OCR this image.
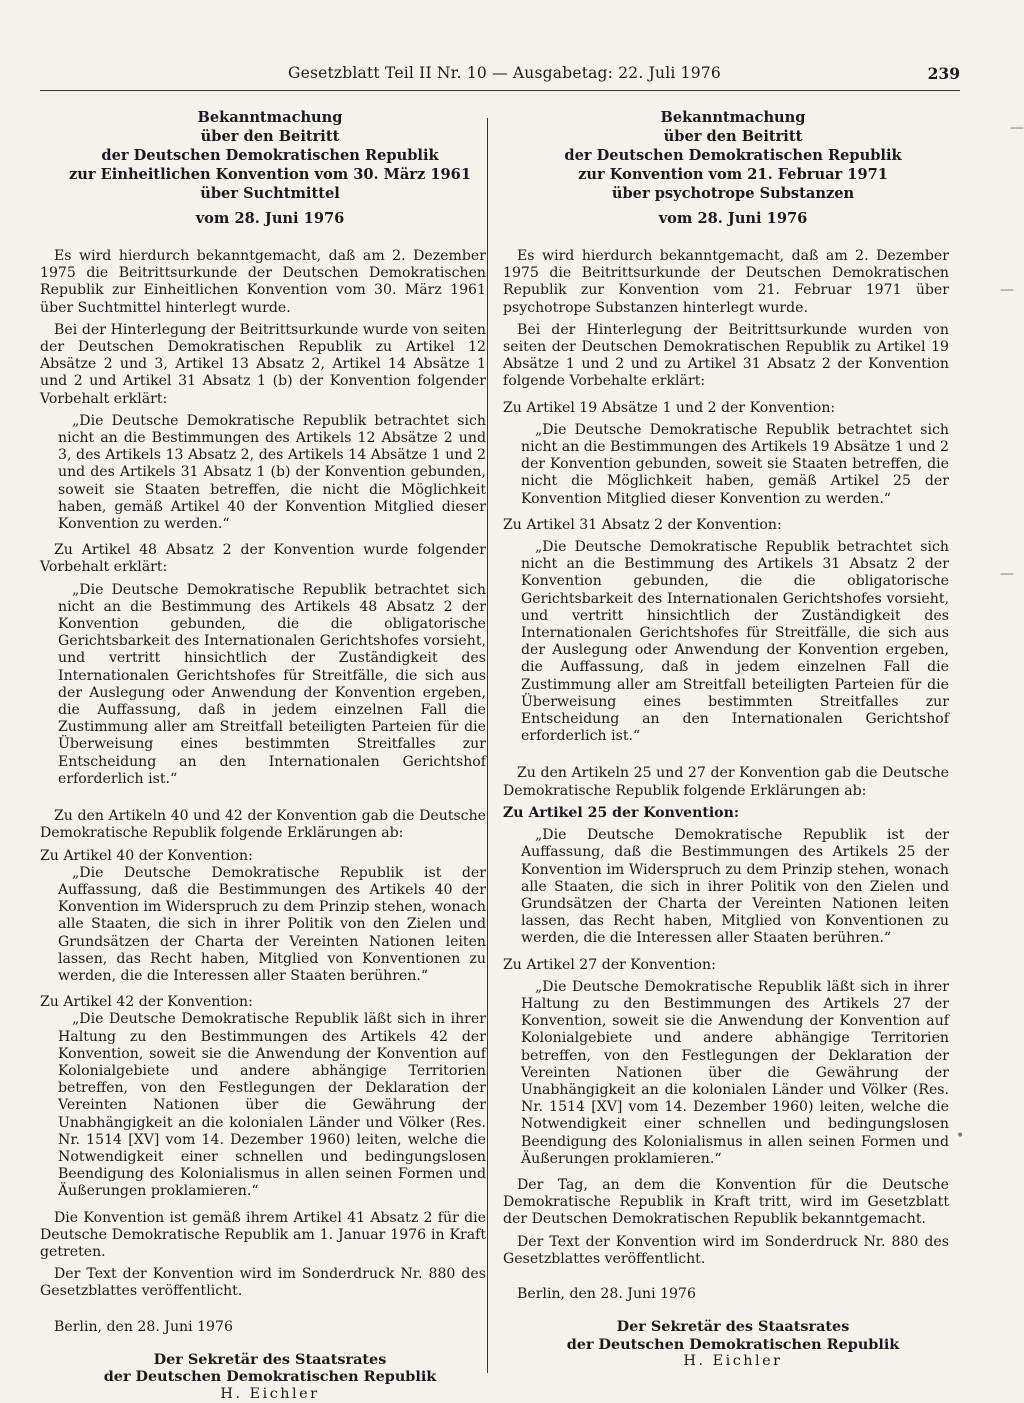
Gesetzblatt Teil II Nr. 10 — Ausgabetag: 22. Juli 1976	239

Bekanntmachung

über den Beitritt

der Deutschen Demokratischen Republik

zur Einheitlichen Konvention vom 30. März 1961

über Suchtmittel

vom 28. Juni 1976

Es wird hierdurch bekanntgemacht, daß am 2. Dezember 1975 die Beitrittsurkunde der Deutschen Demokratischen Republik zur Einheitlichen Konvention vom 30. März 1961 über Suchtmittel hinterlegt wurde.

Bei der Hinterlegung der Beitrittsurkunde wurde von seiten der Deutschen Demokratischen Republik zu Artikel 12 Absätze 2 und 3, Artikel 13 Absatz 2, Artikel 14 Absätze 1 und 2 und Artikel 31 Absatz 1 (b) der Konvention folgender Vorbehalt erklärt:

„Die Deutsche Demokratische Republik betrachtet sich nicht an die Bestimmungen des Artikels 12 Absätze 2 und 3, des Artikels 13 Absatz 2, des Artikels 14 Absätze 1 und 2 und des Artikels 31 Absatz 1 (b) der Konvention gebunden, soweit sie Staaten betreffen, die nicht die Möglichkeit haben, gemäß Artikel 40 der Konvention Mitglied dieser Konvention zu werden.“

Zu Artikel 48 Absatz 2 der Konvention wurde folgender Vorbehalt erklärt:

„Die Deutsche Demokratische Republik betrachtet sich nicht an die Bestimmung des Artikels 48 Absatz 2 der Konvention gebunden, die die obligatorische Gerichtsbarkeit des Internationalen Gerichtshofes vorsieht, und vertritt hinsichtlich der Zuständigkeit des Internationalen Gerichtshofes für Streitfälle, die sich aus der Auslegung oder Anwendung der Konvention ergeben, die Auffassung, daß in jedem einzelnen Fall die Zustimmung aller am Streitfall beteiligten Parteien für die Überweisung eines bestimmten Streitfalles zur Entscheidung an den Internationalen Gerichtshof erforderlich ist.“

Zu den Artikeln 40 und 42 der Konvention gab die Deutsche Demokratische Republik folgende Erklärungen ab:

Zu Artikel 40 der Konvention:

„Die Deutsche Demokratische Republik ist der Auffassung, daß die Bestimmungen des Artikels 40 der Konvention im Widerspruch zu dem Prinzip stehen, wonach alle Staaten, die sich in ihrer Politik von den Zielen und Grundsätzen der Charta der Vereinten Nationen leiten lassen, das Recht haben, Mitglied von Konventionen zu werden, die die Interessen aller Staaten berühren.“

Zu Artikel 42 der Konvention:

„Die Deutsche Demokratische Republik läßt sich in ihrer Haltung zu den Bestimmungen des Artikels 42 der Konvention, soweit sie die Anwendung der Konvention auf Kolonialgebiete und andere abhängige Territorien betreffen, von den Festlegungen der Deklaration der Vereinten Nationen über die Gewährung der Unabhängigkeit an die kolonialen Länder und Völker (Res. Nr. 1514 [XV] vom 14. Dezember 1960) leiten, welche die Notwendigkeit einer schnellen und bedingungslosen Beendigung des Kolonialismus in allen seinen Formen und Äußerungen proklamieren.“

Die Konvention ist gemäß ihrem Artikel 41 Absatz 2 für die Deutsche Demokratische Republik am 1. Januar 1976 in Kraft getreten.

Der Text der Konvention wird im Sonderdruck Nr. 880 des Gesetzblattes veröffentlicht.

Berlin, den 28. Juni 1976

Der Sekretär des Staatsrates

der Deutschen Demokratischen Republik

H. Eichler

Bekanntmachung

über den Beitritt

der Deutschen Demokratischen Republik

zur Konvention vom 21. Februar 1971

über psychotrope Substanzen

vom 28. Juni 1976

Es wird hierdurch bekanntgemacht, daß am 2. Dezember 1975 die Beitrittsurkunde der Deutschen Demokratischen Republik zur Konvention vom 21. Februar 1971 über psychotrope Substanzen hinterlegt wurde.

Bei der Hinterlegung der Beitrittsurkunde wurden von seiten der Deutschen Demokratischen Republik zu Artikel 19 Absätze 1 und 2 und zu Artikel 31 Absatz 2 der Konvention folgende Vorbehalte erklärt:

Zu Artikel 19 Absätze 1 und 2 der Konvention:

„Die Deutsche Demokratische Republik betrachtet sich nicht an die Bestimmungen des Artikels 19 Absätze 1 und 2 der Konvention gebunden, soweit sie Staaten betreffen, die nicht die Möglichkeit haben, gemäß Artikel 25 der Konvention Mitglied dieser Konvention zu werden.“

Zu Artikel 31 Absatz 2 der Konvention:

„Die Deutsche Demokratische Republik betrachtet sich nicht an die Bestimmung des Artikels 31 Absatz 2 der Konvention gebunden, die die obligatorische Gerichtsbarkeit des Internationalen Gerichtshofes vorsieht, und vertritt hinsichtlich der Zuständigkeit des Internationalen Gerichtshofes für Streitfälle, die sich aus der Auslegung oder Anwendung der Konvention ergeben, die Auffassung, daß in jedem einzelnen Fall die Zustimmung aller am Streitfall beteiligten Parteien für die Überweisung eines bestimmten Streitfalles zur Entscheidung an den Internationalen Gerichtshof erforderlich ist.“

Zu den Artikeln 25 und 27 der Konvention gab die Deutsche Demokratische Republik folgende Erklärungen ab:

Zu Artikel 25 der Konvention:

„Die Deutsche Demokratische Republik ist der Auffassung, daß die Bestimmungen des Artikels 25 der Konvention im Widerspruch zu dem Prinzip stehen, wonach alle Staaten, die sich in ihrer Politik von den Zielen und Grundsätzen der Charta der Vereinten Nationen leiten lassen, das Recht haben, Mitglied von Konventionen zu werden, die die Interessen aller Staaten berühren.“

Zu Artikel 27 der Konvention:

„Die Deutsche Demokratische Republik läßt sich in ihrer Haltung zu den Bestimmungen des Artikels 27 der Konvention, soweit sie die Anwendung der Konvention auf Kolonialgebiete und andere abhängige Territorien betreffen, von den Festlegungen der Deklaration der Vereinten Nationen über die Gewährung der Unabhängigkeit an die kolonialen Länder und Völker (Res. Nr. 1514 [XV] vom 14. Dezember 1960) leiten, welche die Notwendigkeit einer schnellen und bedingungslosen Beendigung des Kolonialismus in allen seinen Formen und Äußerungen proklamieren.“

Der Tag, an dem die Konvention für die Deutsche Demokratische Republik in Kraft tritt, wird im Gesetzblatt der Deutschen Demokratischen Republik bekanntgemacht.

Der Text der Konvention wird im Sonderdruck Nr. 880 des Gesetzblattes veröffentlicht.

Berlin, den 28. Juni 1976

Der Sekretär des Staatsrates

der Deutschen Demokratischen Republik

H. Eichler

—
—
—
•
